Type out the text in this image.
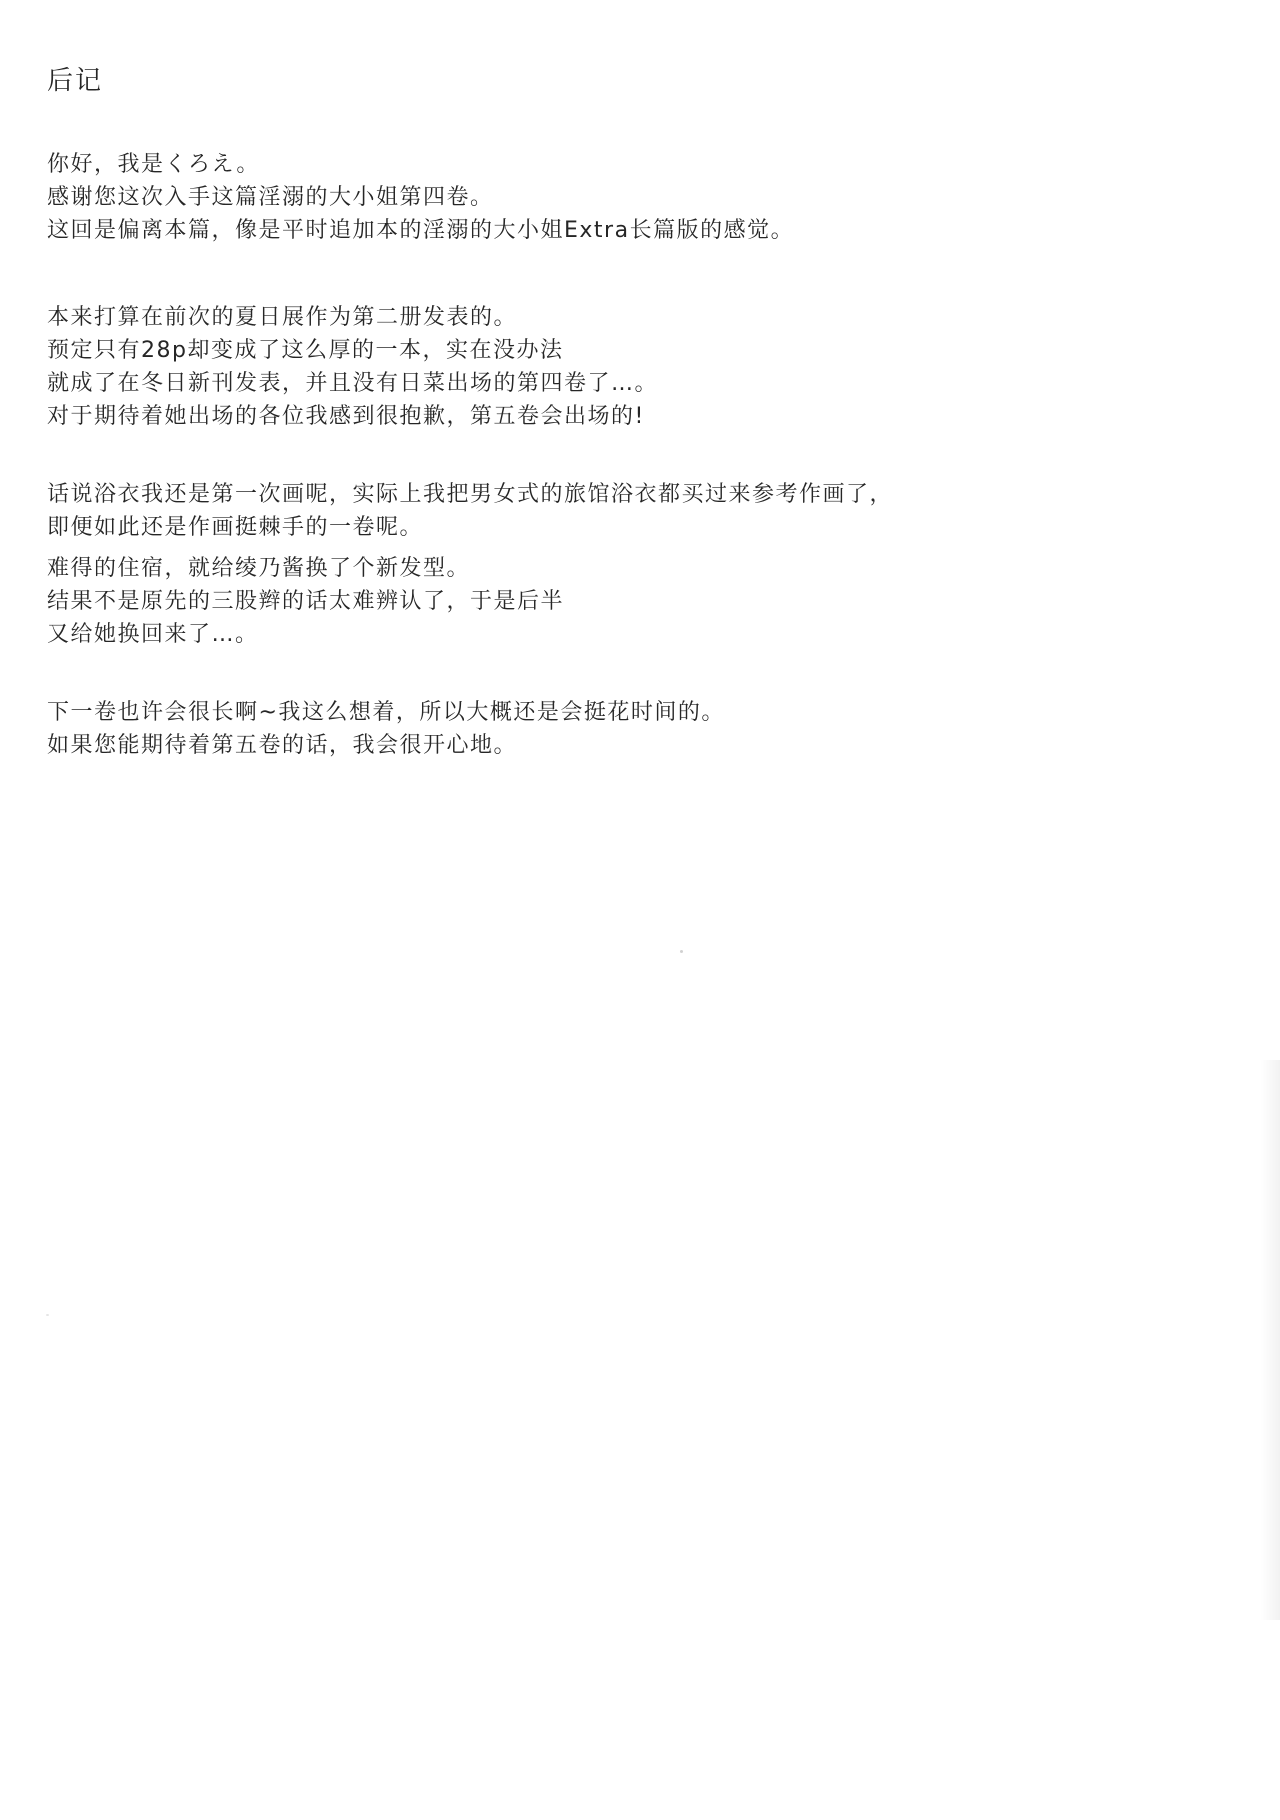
后记
你好，我是くろえ。
感谢您这次入手这篇淫溺的大小姐第四卷。
这回是偏离本篇，像是平时追加本的淫溺的大小姐Extra长篇版的感觉。
本来打算在前次的夏日展作为第二册发表的。
预定只有28p却变成了这么厚的一本，实在没办法
就成了在冬日新刊发表，并且没有日菜出场的第四卷了…。
对于期待着她出场的各位我感到很抱歉，第五卷会出场的!
话说浴衣我还是第一次画呢，实际上我把男女式的旅馆浴衣都买过来参考作画了，
即便如此还是作画挺棘手的一卷呢。
难得的住宿，就给绫乃酱换了个新发型。
结果不是原先的三股辫的话太难辨认了，于是后半
又给她换回来了…。
下一卷也许会很长啊~我这么想着，所以大概还是会挺花时间的。
如果您能期待着第五卷的话，我会很开心地。
